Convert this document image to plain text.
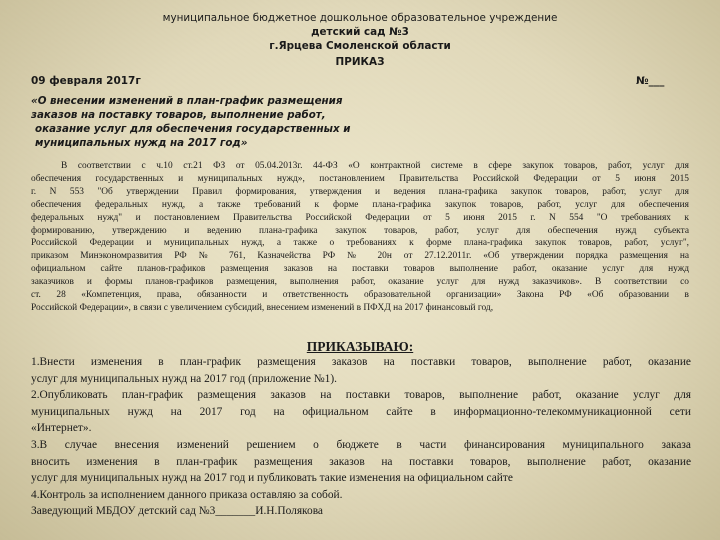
муниципальное бюджетное дошкольное образовательное учреждение
детский сад №3
г.Ярцева Смоленской области
ПРИКАЗ
09 февраля 2017г	№___
«О внесении изменений в план-график размещения
заказов на поставку товаров, выполнение работ,
оказание услуг для обеспечения государственных и
муниципальных нужд на 2017 год»
В соответствии с ч.10 ст.21 ФЗ от 05.04.2013г. 44-ФЗ «О контрактной системе в сфере закупок товаров, работ, услуг для
обеспечения государственных и муниципальных нужд», постановлением Правительства Российской Федерации от 5 июня 2015
г. N 553 "Об утверждении Правил формирования, утверждения и ведения плана-графика закупок товаров, работ, услуг для
обеспечения федеральных нужд, а также требований к форме плана-графика закупок товаров, работ, услуг для обеспечения
федеральных нужд" и постановлением Правительства Российской Федерации от 5 июня 2015 г. N 554 "О требованиях к
формированию, утверждению и ведению плана-графика закупок товаров, работ, услуг для обеспечения нужд субъекта
Российской Федерации и муниципальных нужд, а также о требованиях к форме плана-графика закупок товаров, работ, услуг",
приказом Минэкономразвития РФ № 761, Казначейства РФ № 20н от 27.12.2011г. «Об утверждении порядка размещения на
официальном сайте планов-графиков размещения заказов на поставки товаров выполнение работ, оказание услуг для нужд
заказчиков и формы планов-графиков размещения, выполнения работ, оказание услуг для нужд заказчиков». В соответствии со
ст. 28 «Компетенция, права, обязанности и ответственность образовательной организации» Закона РФ «Об образовании в
Российской Федерации», в связи с увеличением субсидий, внесением изменений в ПФХД на 2017 финансовый год,
ПРИКАЗЫВАЮ:
1.Внести изменения в план-график размещения заказов на поставки товаров, выполнение работ, оказание
услуг для муниципальных нужд на 2017 год (приложение №1).
2.Опубликовать план-график размещения заказов на поставки товаров, выполнение работ, оказание услуг для
муниципальных нужд на 2017 год на официальном сайте в информационно-телекоммуникационной сети
«Интернет».
3.В случае внесения изменений решением о бюджете в части финансирования муниципального заказа
вносить изменения в план-график размещения заказов на поставки товаров, выполнение работ, оказание
услуг для муниципальных нужд на 2017 год и публиковать такие изменения на официальном сайте
4.Контроль за исполнением данного приказа оставляю за собой.
Заведующий МБДОУ детский сад №3_______И.Н.Полякова
